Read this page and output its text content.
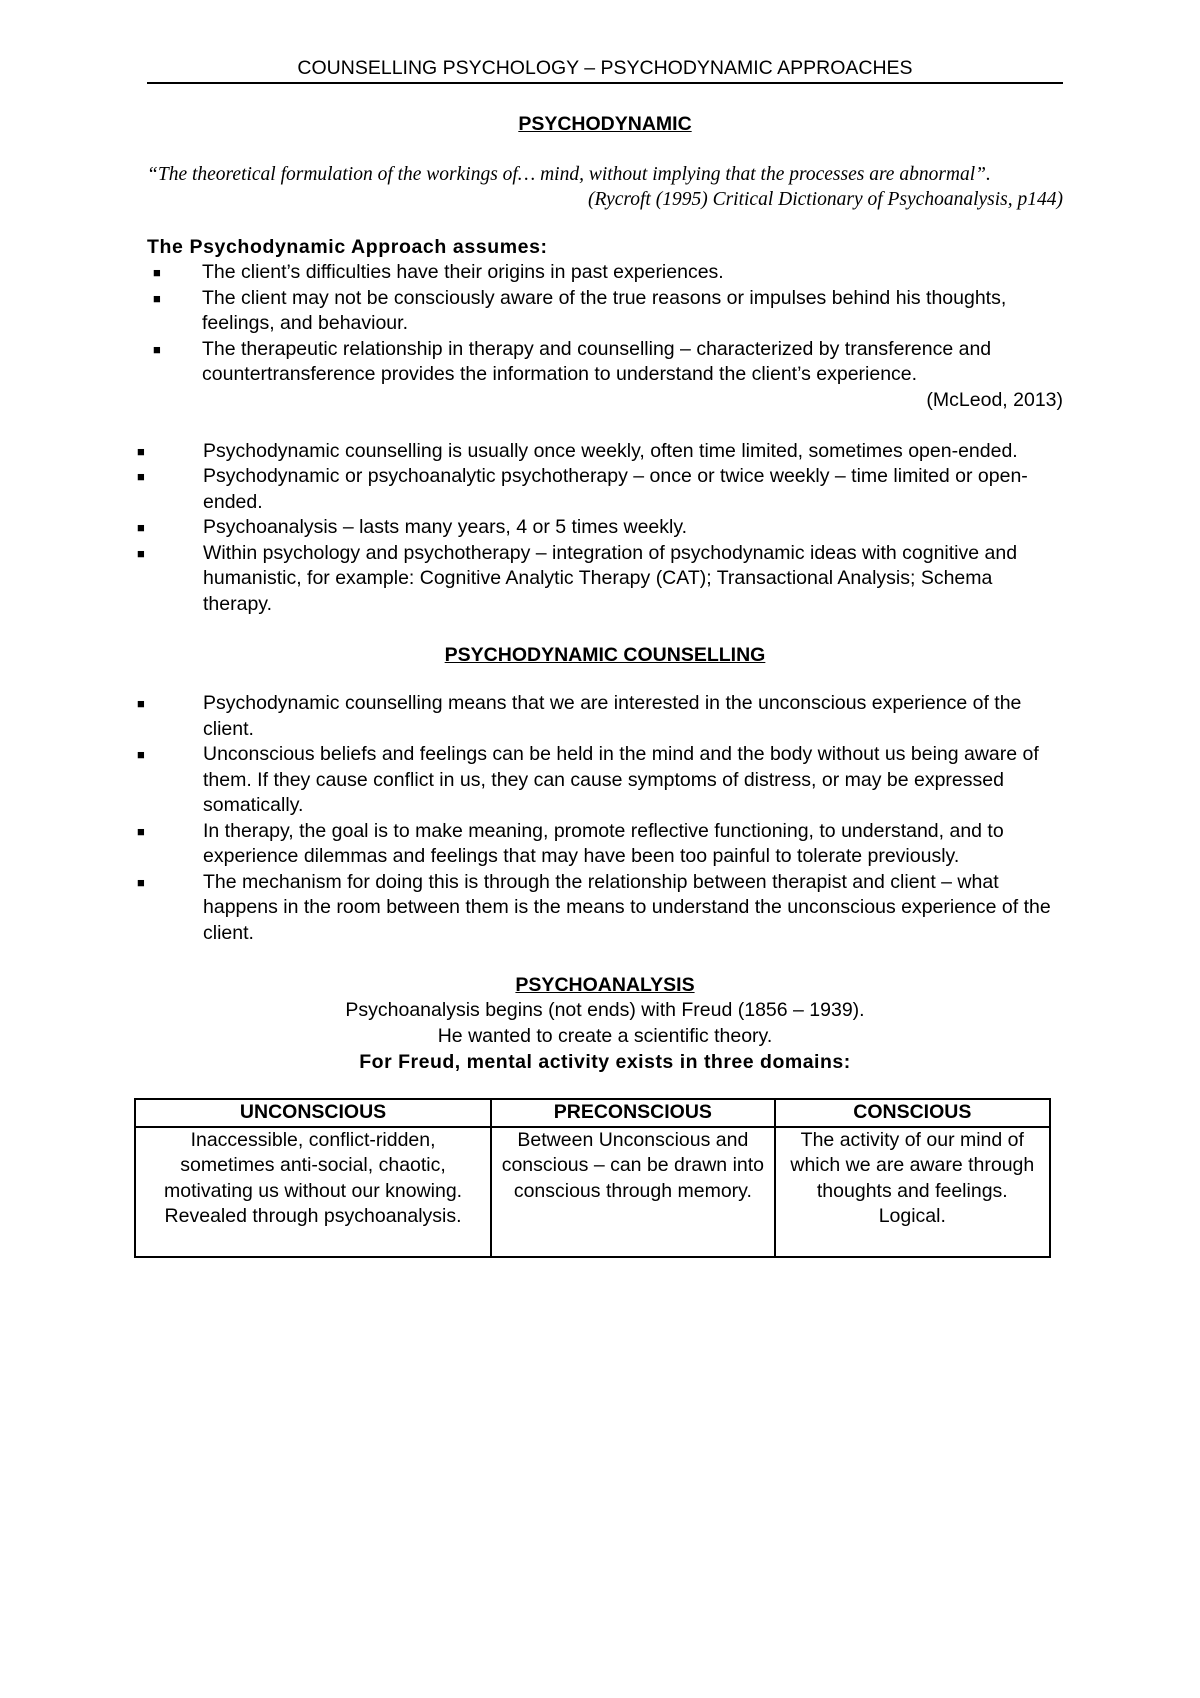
COUNSELLING PSYCHOLOGY – PSYCHODYNAMIC APPROACHES
PSYCHODYNAMIC
“The theoretical formulation of the workings of… mind, without implying that the processes are abnormal”.
(Rycroft (1995) Critical Dictionary of Psychoanalysis, p144)
The Psychodynamic Approach assumes:
■ The client’s difficulties have their origins in past experiences.
■ The client may not be consciously aware of the true reasons or impulses behind his thoughts, feelings, and behaviour.
■ The therapeutic relationship in therapy and counselling – characterized by transference and countertransference provides the information to understand the client’s experience.
(McLeod, 2013)
■	Psychodynamic counselling is usually once weekly, often time limited, sometimes open-ended.
■	Psychodynamic or psychoanalytic psychotherapy – once or twice weekly – time limited or open-ended.
■	Psychoanalysis – lasts many years, 4 or 5 times weekly.
■	Within psychology and psychotherapy – integration of psychodynamic ideas with cognitive and humanistic, for example: Cognitive Analytic Therapy (CAT); Transactional Analysis; Schema therapy.
PSYCHODYNAMIC COUNSELLING
■	Psychodynamic counselling means that we are interested in the unconscious experience of the client.
■	Unconscious beliefs and feelings can be held in the mind and the body without us being aware of them. If they cause conflict in us, they can cause symptoms of distress, or may be expressed somatically.
■	In therapy, the goal is to make meaning, promote reflective functioning, to understand, and to experience dilemmas and feelings that may have been too painful to tolerate previously.
■	The mechanism for doing this is through the relationship between therapist and client – what happens in the room between them is the means to understand the unconscious experience of the client.
PSYCHOANALYSIS
Psychoanalysis begins (not ends) with Freud (1856 – 1939).
He wanted to create a scientific theory.
For Freud, mental activity exists in three domains:
UNCONSCIOUS	PRECONSCIOUS	CONSCIOUS
Inaccessible, conflict-ridden, sometimes anti-social, chaotic, motivating us without our knowing. Revealed through psychoanalysis.	Between Unconscious and conscious – can be drawn into conscious through memory.	The activity of our mind of which we are aware through thoughts and feelings. Logical.
